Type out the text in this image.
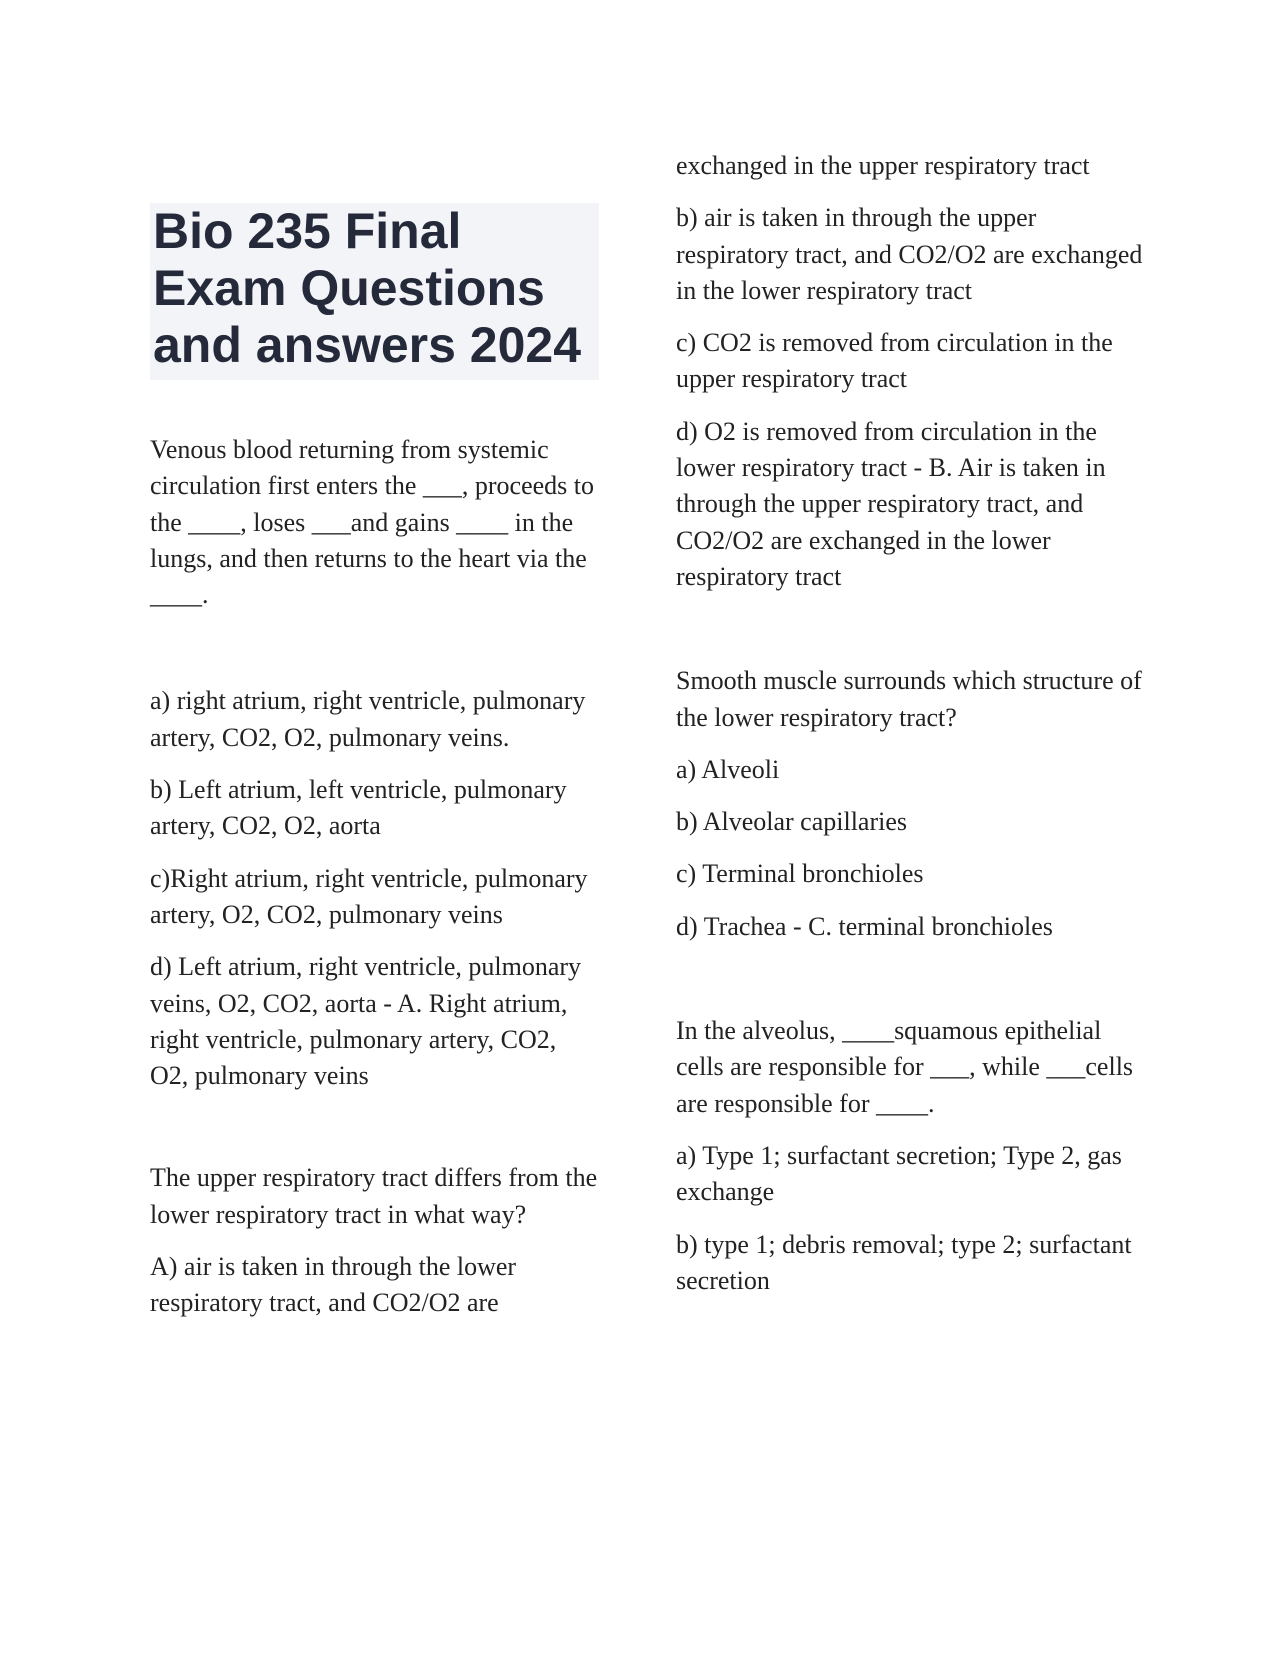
Bio 235 Final Exam Questions and answers 2024

Venous blood returning from systemic circulation first enters the ___, proceeds to the ____, loses ___and gains ____ in the lungs, and then returns to the heart via the ____.

a) right atrium, right ventricle, pulmonary artery, CO2, O2, pulmonary veins.

b) Left atrium, left ventricle, pulmonary artery, CO2, O2, aorta

c)Right atrium, right ventricle, pulmonary artery, O2, CO2, pulmonary veins

d) Left atrium, right ventricle, pulmonary veins, O2, CO2, aorta - A. Right atrium, right ventricle, pulmonary artery, CO2, O2, pulmonary veins

The upper respiratory tract differs from the lower respiratory tract in what way?

A) air is taken in through the lower respiratory tract, and CO2/O2 are

exchanged in the upper respiratory tract

b) air is taken in through the upper respiratory tract, and CO2/O2 are exchanged in the lower respiratory tract

c) CO2 is removed from circulation in the upper respiratory tract

d) O2 is removed from circulation in the lower respiratory tract - B. Air is taken in through the upper respiratory tract, and CO2/O2 are exchanged in the lower respiratory tract

Smooth muscle surrounds which structure of the lower respiratory tract?

a) Alveoli

b) Alveolar capillaries

c) Terminal bronchioles

d) Trachea - C. terminal bronchioles

In the alveolus, ____squamous epithelial cells are responsible for ___, while ___cells are responsible for ____.

a) Type 1; surfactant secretion; Type 2, gas exchange

b) type 1; debris removal; type 2; surfactant secretion
